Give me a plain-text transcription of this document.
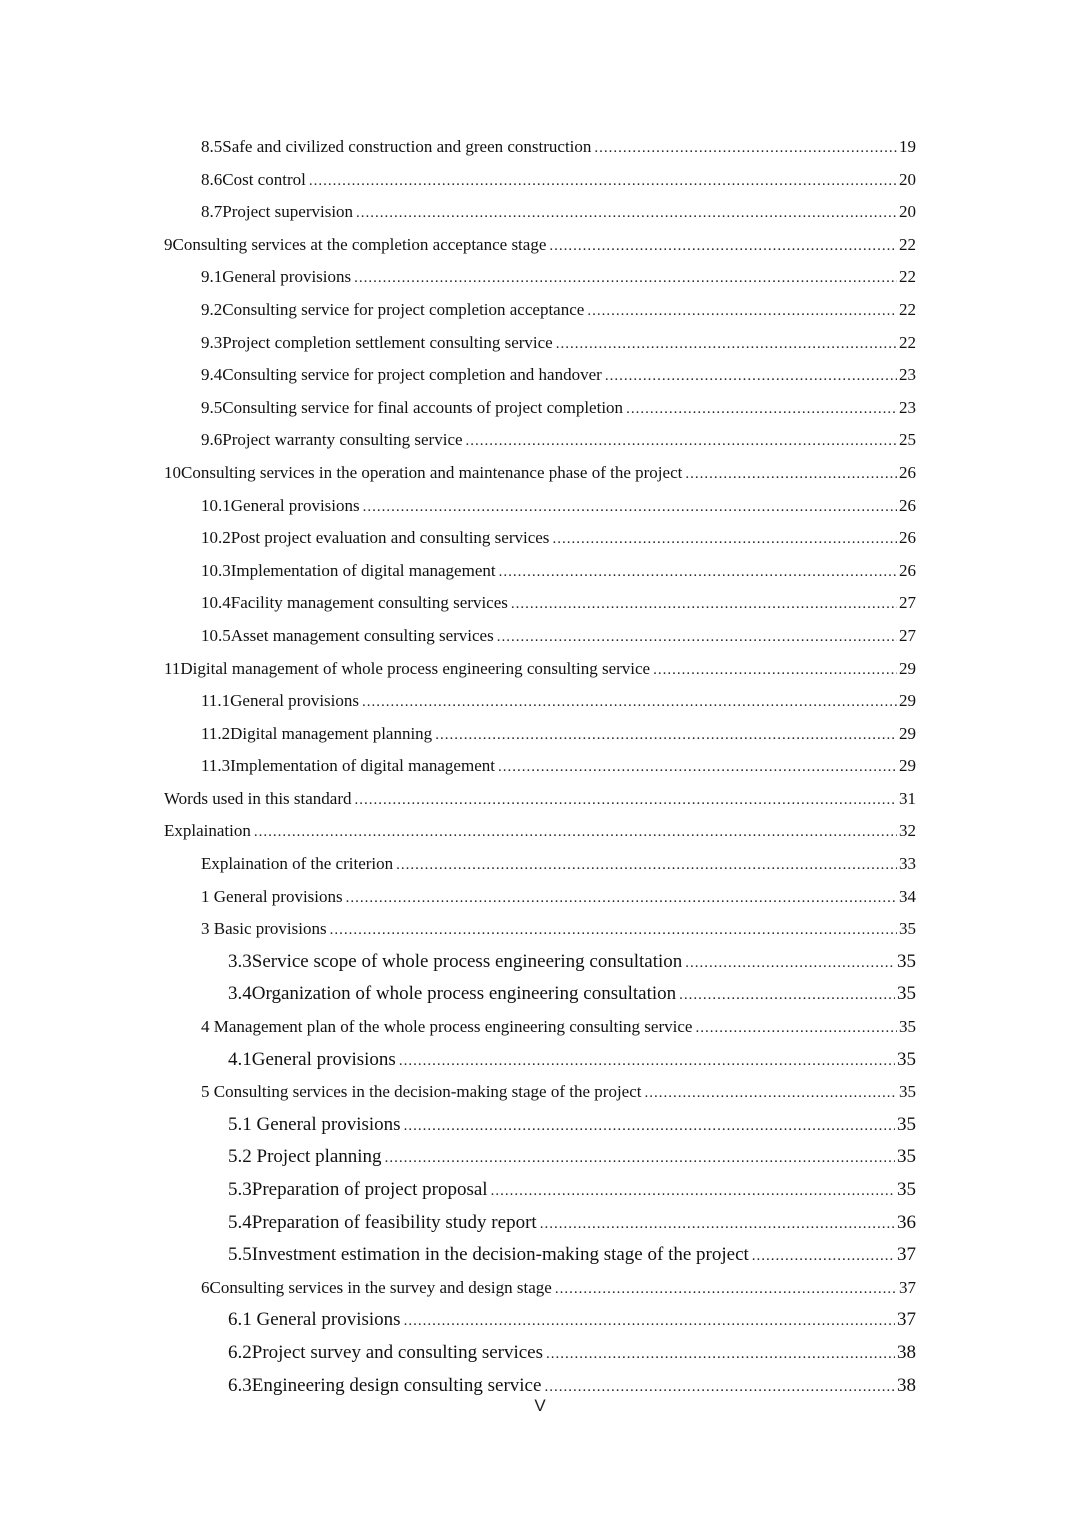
8.5 Safe and civilized construction and green construction .....	19
8.6 Cost control .....	20
8.7 Project supervision .....	20
9 Consulting services at the completion acceptance stage .....	22
9.1 General provisions .....	22
9.2 Consulting service for project completion acceptance .....	22
9.3 Project completion settlement consulting service .....	22
9.4 Consulting service for project completion and handover .....	23
9.5 Consulting service for final accounts of project completion .....	23
9.6 Project warranty consulting service .....	25
10 Consulting services in the operation and maintenance phase of the project .....	26
10.1 General provisions .....	26
10.2 Post project evaluation and consulting services .....	26
10.3 Implementation of digital management .....	26
10.4 Facility management consulting services .....	27
10.5 Asset management consulting services .....	27
11 Digital management of whole process engineering consulting service .....	29
11.1 General provisions .....	29
11.2 Digital management planning .....	29
11.3 Implementation of digital management .....	29
Words used in this standard .....	31
Explaination .....	32
Explaination of the criterion .....	33
1 General provisions .....	34
3 Basic provisions .....	35
3.3 Service scope of whole process engineering consultation .....	35
3.4 Organization of whole process engineering consultation .....	35
4 Management plan of the whole process engineering consulting service .....	35
4.1 General provisions .....	35
5 Consulting services in the decision-making stage of the project .....	35
5.1 General provisions .....	35
5.2 Project planning .....	35
5.3 Preparation of project proposal .....	35
5.4 Preparation of feasibility study report .....	36
5.5 Investment estimation in the decision-making stage of the project .....	37
6 Consulting services in the survey and design stage .....	37
6.1 General provisions .....	37
6.2 Project survey and consulting services .....	38
6.3 Engineering design consulting service .....	38
V
